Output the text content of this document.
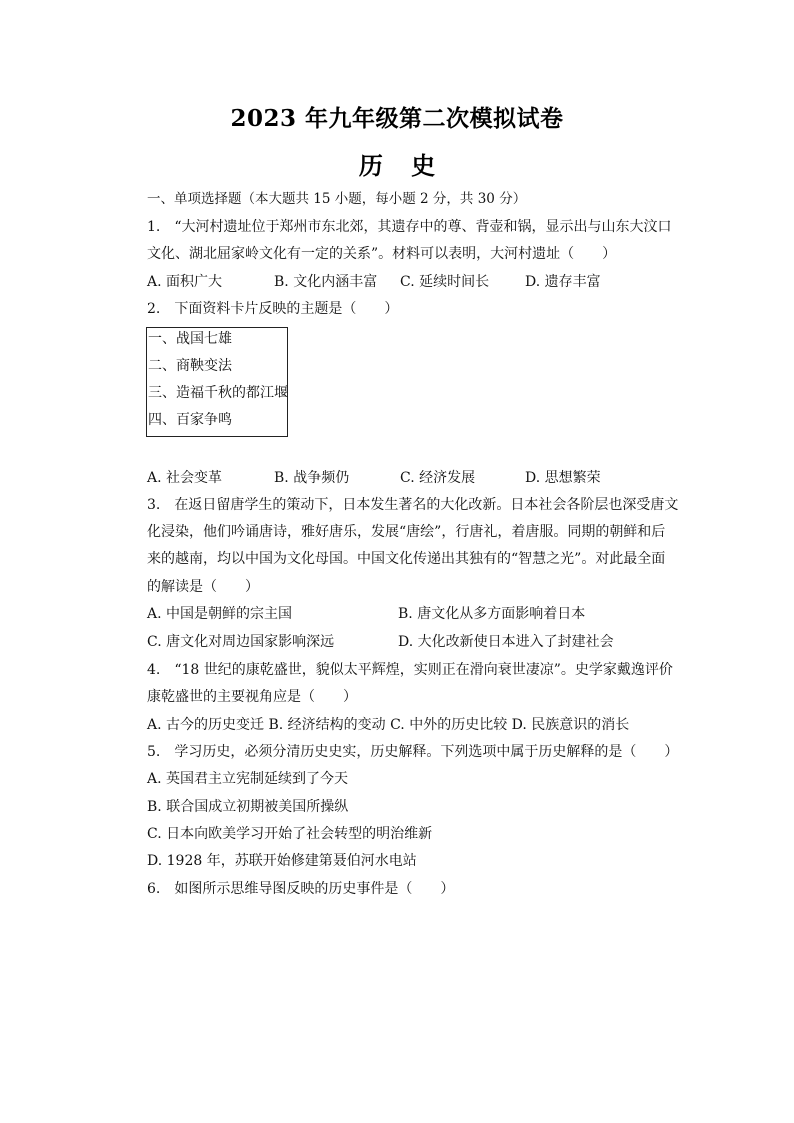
2023 年九年级第二次模拟试卷
历 史
一、单项选择题（本大题共 15 小题，每小题 2 分，共 30 分）
1.　“大河村遗址位于郑州市东北郊，其遗存中的尊、背壶和锅，显示出与山东大汶口
文化、湖北屈家岭文化有一定的关系”。材料可以表明，大河村遗址（　　）
A. 面积广大	B. 文化内涵丰富 C. 延续时间长	D. 遗存丰富
2.　下面资料卡片反映的主题是（　　）
一、战国七雄
二、商鞅变法
三、造福千秋的都江堰
四、百家争鸣
A. 社会变革	B. 战争频仍	C. 经济发展	D. 思想繁荣
3.　在返日留唐学生的策动下，日本发生著名的大化改新。日本社会各阶层也深受唐文
化浸染，他们吟诵唐诗，雅好唐乐，发展“唐绘”，行唐礼，着唐服。同期的朝鲜和后
来的越南，均以中国为文化母国。中国文化传递出其独有的“智慧之光”。对此最全面
的解读是（　　）
A. 中国是朝鲜的宗主国	B. 唐文化从多方面影响着日本
C. 唐文化对周边国家影响深远	D. 大化改新使日本进入了封建社会
4.　“18 世纪的康乾盛世，貌似太平辉煌，实则正在滑向衰世凄凉”。史学家戴逸评价
康乾盛世的主要视角应是（　　）
A. 古今的历史变迁 B. 经济结构的变动 C. 中外的历史比较 D. 民族意识的消长
5.　学习历史，必须分清历史史实，历史解释。下列选项中属于历史解释的是（　　）
A. 英国君主立宪制延续到了今天
B. 联合国成立初期被美国所操纵
C. 日本向欧美学习开始了社会转型的明治维新
D. 1928 年，苏联开始修建第聂伯河水电站
6.　如图所示思维导图反映的历史事件是（　　）
